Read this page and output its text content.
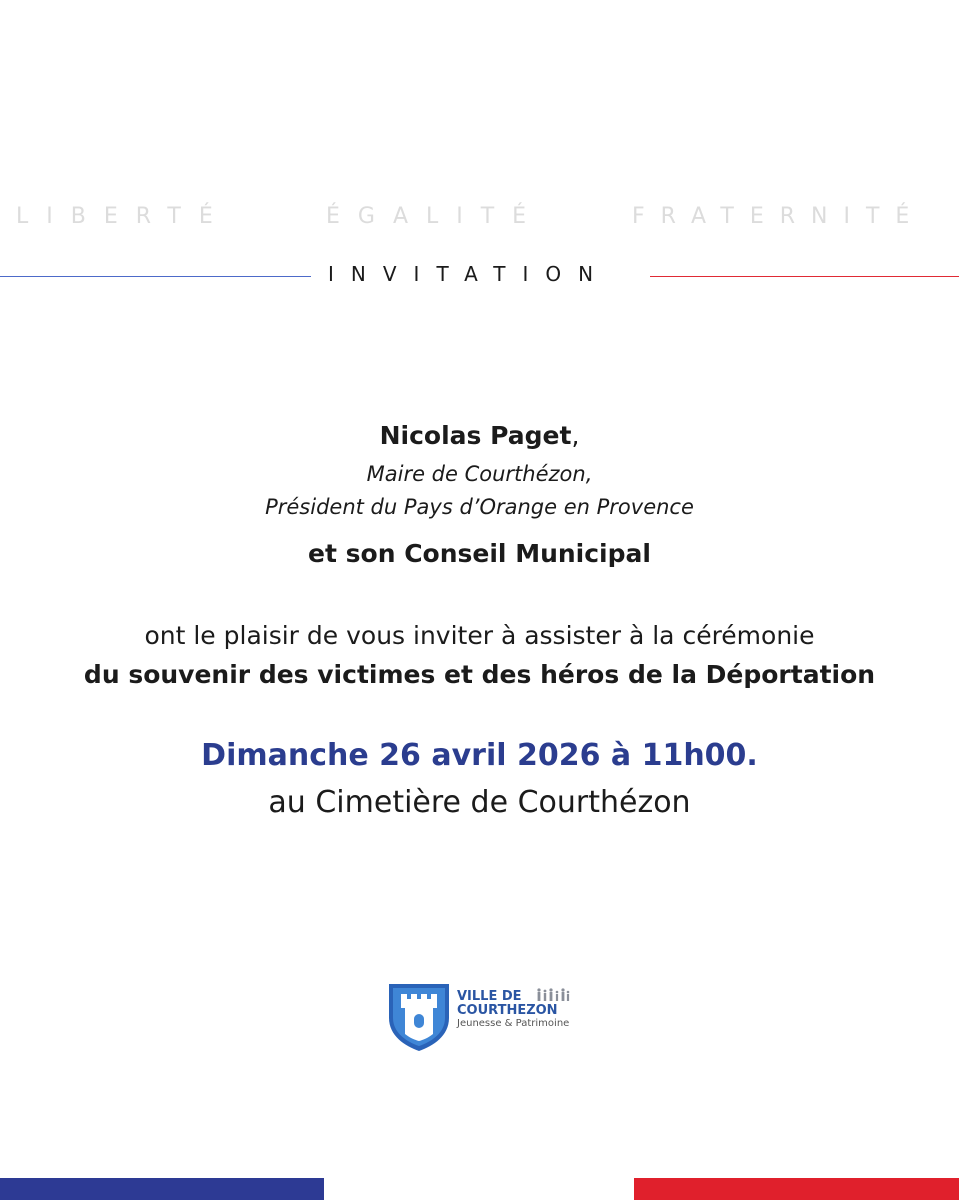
LIBERTÉ	ÉGALITÉ	FRATERNITÉ
INVITATION
Nicolas Paget,
Maire de Courthézon,
Président du Pays d’Orange en Provence
et son Conseil Municipal
ont le plaisir de vous inviter à assister à la cérémonie
du souvenir des victimes et des héros de la Déportation
Dimanche 26 avril 2026 à 11h00.
au Cimetière de Courthézon
VILLE DE
COURTHEZON
Jeunesse & Patrimoine
